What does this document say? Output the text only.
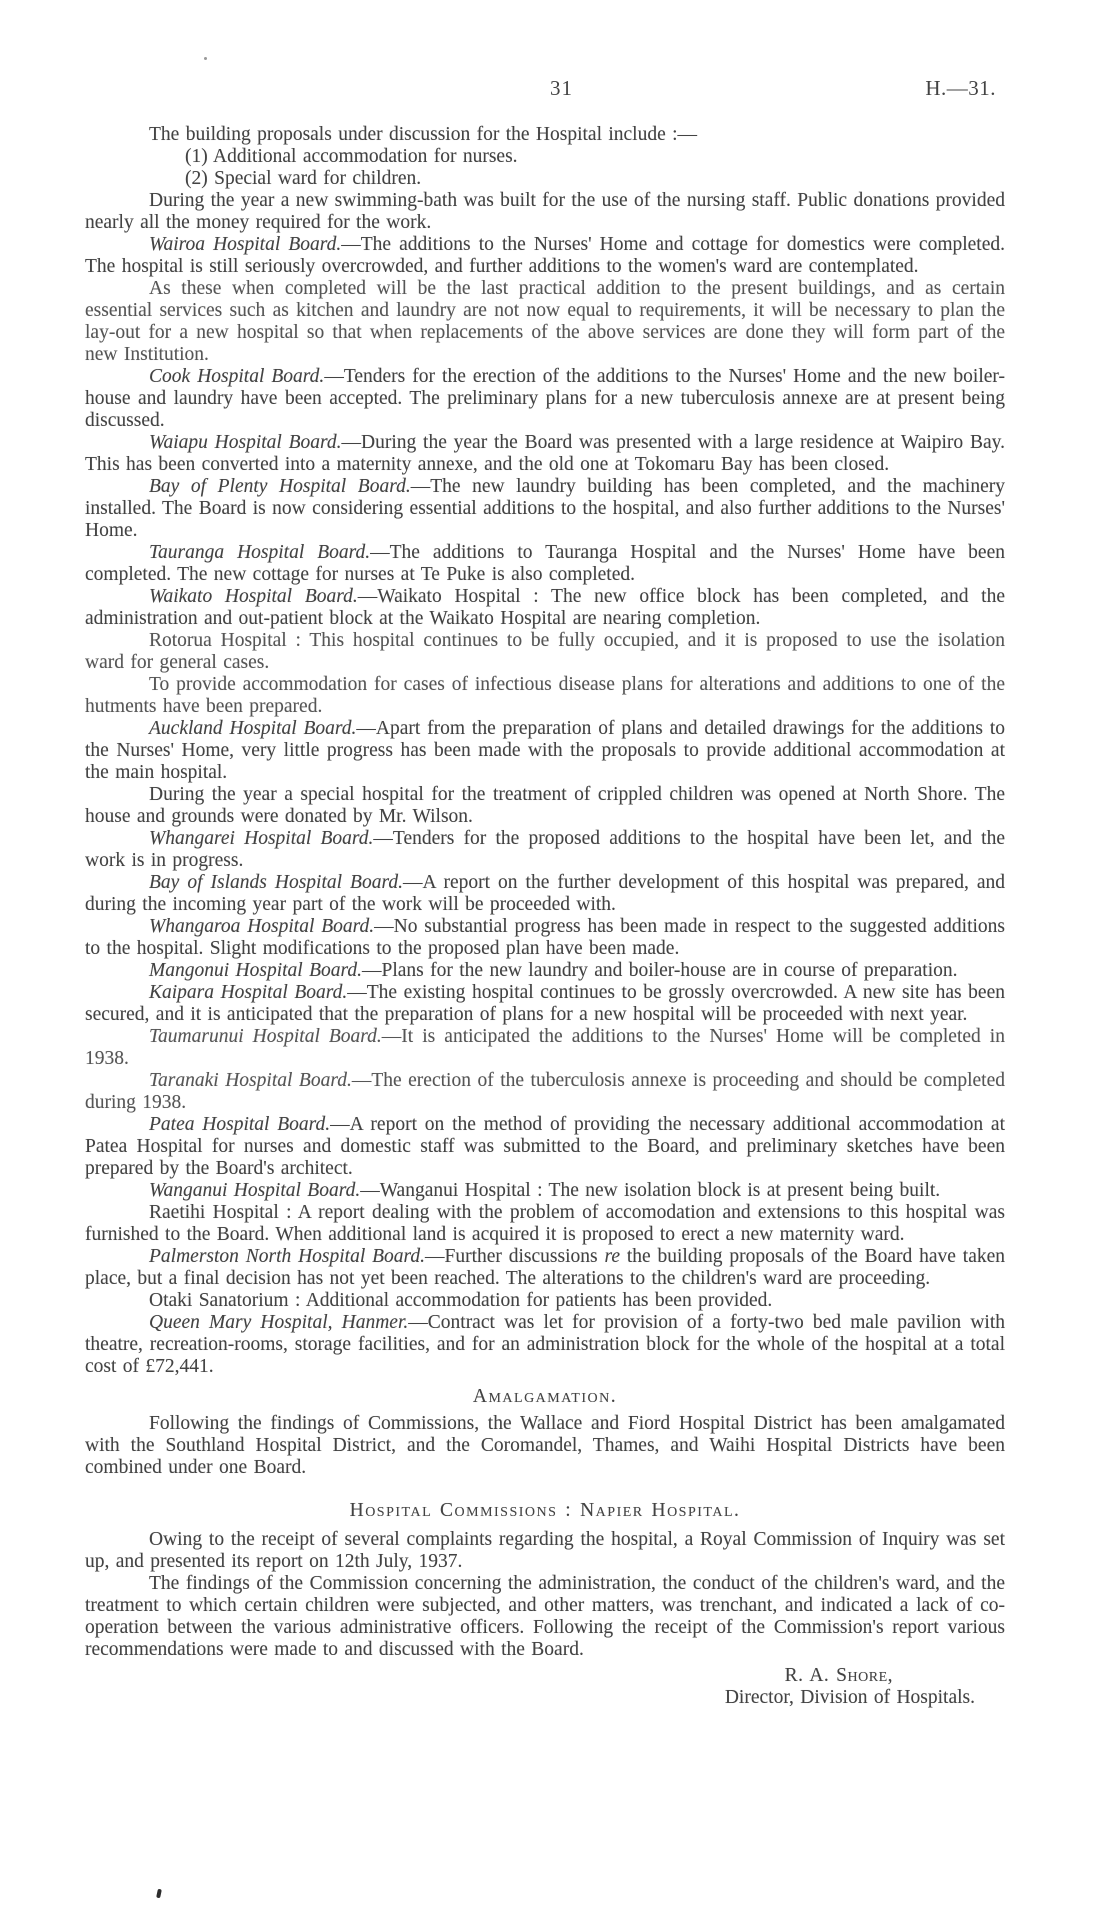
31	H.—31.

The building proposals under discussion for the Hospital include :—

(1) Additional accommodation for nurses.

(2) Special ward for children.

During the year a new swimming-bath was built for the use of the nursing staff. Public donations provided nearly all the money required for the work.

Wairoa Hospital Board.—The additions to the Nurses' Home and cottage for domestics were completed. The hospital is still seriously overcrowded, and further additions to the women's ward are contemplated.

As these when completed will be the last practical addition to the present buildings, and as certain essential services such as kitchen and laundry are not now equal to requirements, it will be necessary to plan the lay-out for a new hospital so that when replacements of the above services are done they will form part of the new Institution.

Cook Hospital Board.—Tenders for the erection of the additions to the Nurses' Home and the new boiler-house and laundry have been accepted. The preliminary plans for a new tuberculosis annexe are at present being discussed.

Waiapu Hospital Board.—During the year the Board was presented with a large residence at Waipiro Bay. This has been converted into a maternity annexe, and the old one at Tokomaru Bay has been closed.

Bay of Plenty Hospital Board.—The new laundry building has been completed, and the machinery installed. The Board is now considering essential additions to the hospital, and also further additions to the Nurses' Home.

Tauranga Hospital Board.—The additions to Tauranga Hospital and the Nurses' Home have been completed. The new cottage for nurses at Te Puke is also completed.

Waikato Hospital Board.—Waikato Hospital : The new office block has been completed, and the administration and out-patient block at the Waikato Hospital are nearing completion.

Rotorua Hospital : This hospital continues to be fully occupied, and it is proposed to use the isolation ward for general cases.

To provide accommodation for cases of infectious disease plans for alterations and additions to one of the hutments have been prepared.

Auckland Hospital Board.—Apart from the preparation of plans and detailed drawings for the additions to the Nurses' Home, very little progress has been made with the proposals to provide additional accommodation at the main hospital.

During the year a special hospital for the treatment of crippled children was opened at North Shore. The house and grounds were donated by Mr. Wilson.

Whangarei Hospital Board.—Tenders for the proposed additions to the hospital have been let, and the work is in progress.

Bay of Islands Hospital Board.—A report on the further development of this hospital was prepared, and during the incoming year part of the work will be proceeded with.

Whangaroa Hospital Board.—No substantial progress has been made in respect to the suggested additions to the hospital. Slight modifications to the proposed plan have been made.

Mangonui Hospital Board.—Plans for the new laundry and boiler-house are in course of preparation.

Kaipara Hospital Board.—The existing hospital continues to be grossly overcrowded. A new site has been secured, and it is anticipated that the preparation of plans for a new hospital will be proceeded with next year.

Taumarunui Hospital Board.—It is anticipated the additions to the Nurses' Home will be completed in 1938.

Taranaki Hospital Board.—The erection of the tuberculosis annexe is proceeding and should be completed during 1938.

Patea Hospital Board.—A report on the method of providing the necessary additional accommodation at Patea Hospital for nurses and domestic staff was submitted to the Board, and preliminary sketches have been prepared by the Board's architect.

Wanganui Hospital Board.—Wanganui Hospital : The new isolation block is at present being built.

Raetihi Hospital : A report dealing with the problem of accomodation and extensions to this hospital was furnished to the Board. When additional land is acquired it is proposed to erect a new maternity ward.

Palmerston North Hospital Board.—Further discussions re the building proposals of the Board have taken place, but a final decision has not yet been reached. The alterations to the children's ward are proceeding.

Otaki Sanatorium : Additional accommodation for patients has been provided.

Queen Mary Hospital, Hanmer.—Contract was let for provision of a forty-two bed male pavilion with theatre, recreation-rooms, storage facilities, and for an administration block for the whole of the hospital at a total cost of £72,441.

Amalgamation.

Following the findings of Commissions, the Wallace and Fiord Hospital District has been amalgamated with the Southland Hospital District, and the Coromandel, Thames, and Waihi Hospital Districts have been combined under one Board.

Hospital Commissions : Napier Hospital.

Owing to the receipt of several complaints regarding the hospital, a Royal Commission of Inquiry was set up, and presented its report on 12th July, 1937.

The findings of the Commission concerning the administration, the conduct of the children's ward, and the treatment to which certain children were subjected, and other matters, was trenchant, and indicated a lack of co-operation between the various administrative officers. Following the receipt of the Commission's report various recommendations were made to and discussed with the Board.

R. A. Shore,
Director, Division of Hospitals.
